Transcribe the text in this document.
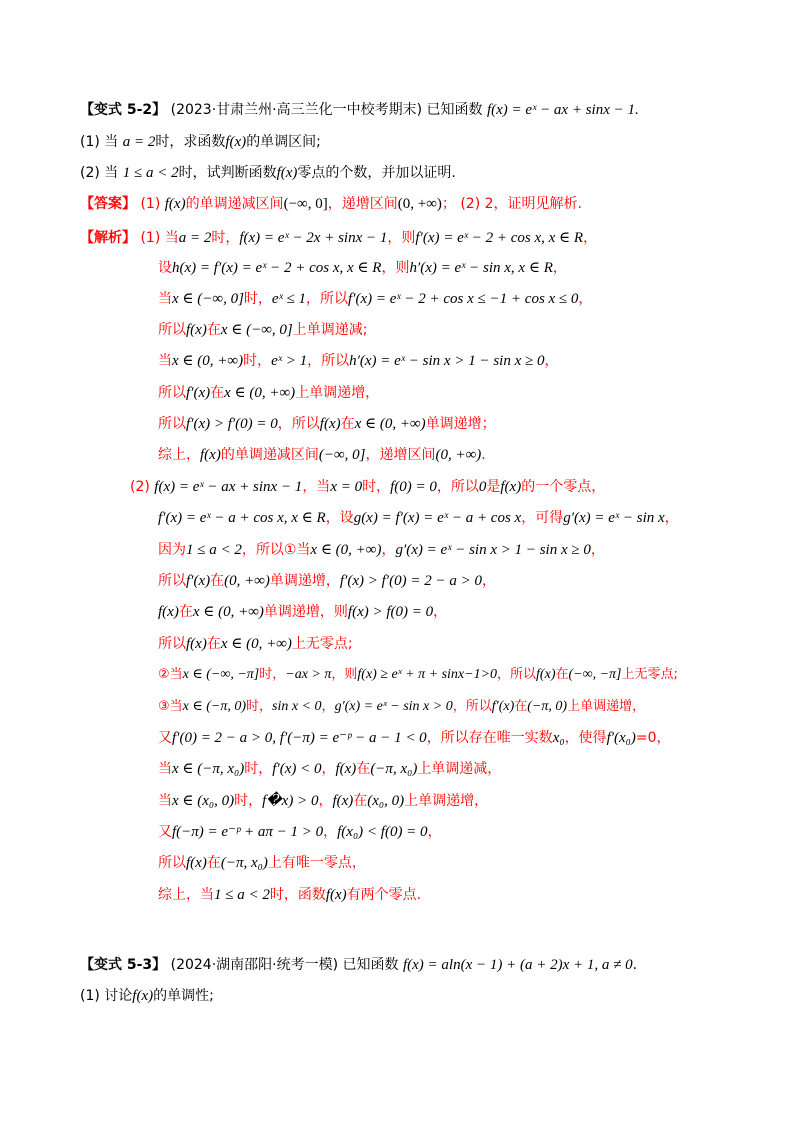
【变式 5-2】 (2023·甘肃兰州·高三兰化一中校考期末) 已知函数 f(x) = eˣ − ax + sinx − 1.
(1) 当 a = 2时，求函数f(x)的单调区间;
(2) 当 1 ≤ a < 2时，试判断函数f(x)零点的个数，并加以证明.
【答案】 (1) f(x)的单调递减区间(−∞, 0]，递增区间(0, +∞)； (2) 2，证明见解析.
【解析】 (1) 当a = 2时，f(x) = eˣ − 2x + sinx − 1，则f′(x) = eˣ − 2 + cos x, x ∈ R，
设h(x) = f′(x) = eˣ − 2 + cos x, x ∈ R，则h′(x) = eˣ − sin x, x ∈ R，
当x ∈ (−∞, 0]时，eˣ ≤ 1，所以f′(x) = eˣ − 2 + cos x ≤ −1 + cos x ≤ 0，
所以f(x)在x ∈ (−∞, 0]上单调递减;
当x ∈ (0, +∞)时，eˣ > 1，所以h′(x) = eˣ − sin x > 1 − sin x ≥ 0，
所以f′(x)在x ∈ (0, +∞)上单调递增，
所以f′(x) > f′(0) = 0，所以f(x)在x ∈ (0, +∞)单调递增；
综上，f(x)的单调递减区间(−∞, 0]，递增区间(0, +∞).
(2) f(x) = eˣ − ax + sinx − 1，当x = 0时，f(0) = 0，所以0是f(x)的一个零点，
f′(x) = eˣ − a + cos x, x ∈ R，设g(x) = f′(x) = eˣ − a + cos x，可得g′(x) = eˣ − sin x，
因为1 ≤ a < 2，所以①当x ∈ (0, +∞)，g′(x) = eˣ − sin x > 1 − sin x ≥ 0，
所以f′(x)在(0, +∞)单调递增，f′(x) > f′(0) = 2 − a > 0，
f(x)在x ∈ (0, +∞)单调递增，则f(x) > f(0) = 0，
所以f(x)在x ∈ (0, +∞)上无零点;
②当x ∈ (−∞, −π]时，−ax > π，则f(x) ≥ eˣ + π + sinx−1>0，所以f(x)在(−∞, −π]上无零点;
③当x ∈ (−π, 0)时，sin x < 0，g′(x) = eˣ − sin x > 0，所以f′(x)在(−π, 0)上单调递增，
又f′(0) = 2 − a > 0, f′(−π) = e⁻ᵖ − a − 1 < 0，所以存在唯一实数x₀，使得f′(x₀)=0，
当x ∈ (−π, x₀)时，f′(x) < 0，f(x)在(−π, x₀)上单调递减，
当x ∈ (x₀, 0)时，f�x) > 0，f(x)在(x₀, 0)上单调递增，
又f(−π) = e⁻ᵖ + aπ − 1 > 0，f(x₀) < f(0) = 0，
所以f(x)在(−π, x₀)上有唯一零点，
综上，当1 ≤ a < 2时，函数f(x)有两个零点.
【变式 5-3】 (2024·湖南邵阳·统考一模) 已知函数 f(x) = aln(x − 1) + (a + 2)x + 1, a ≠ 0.
(1) 讨论f(x)的单调性;
